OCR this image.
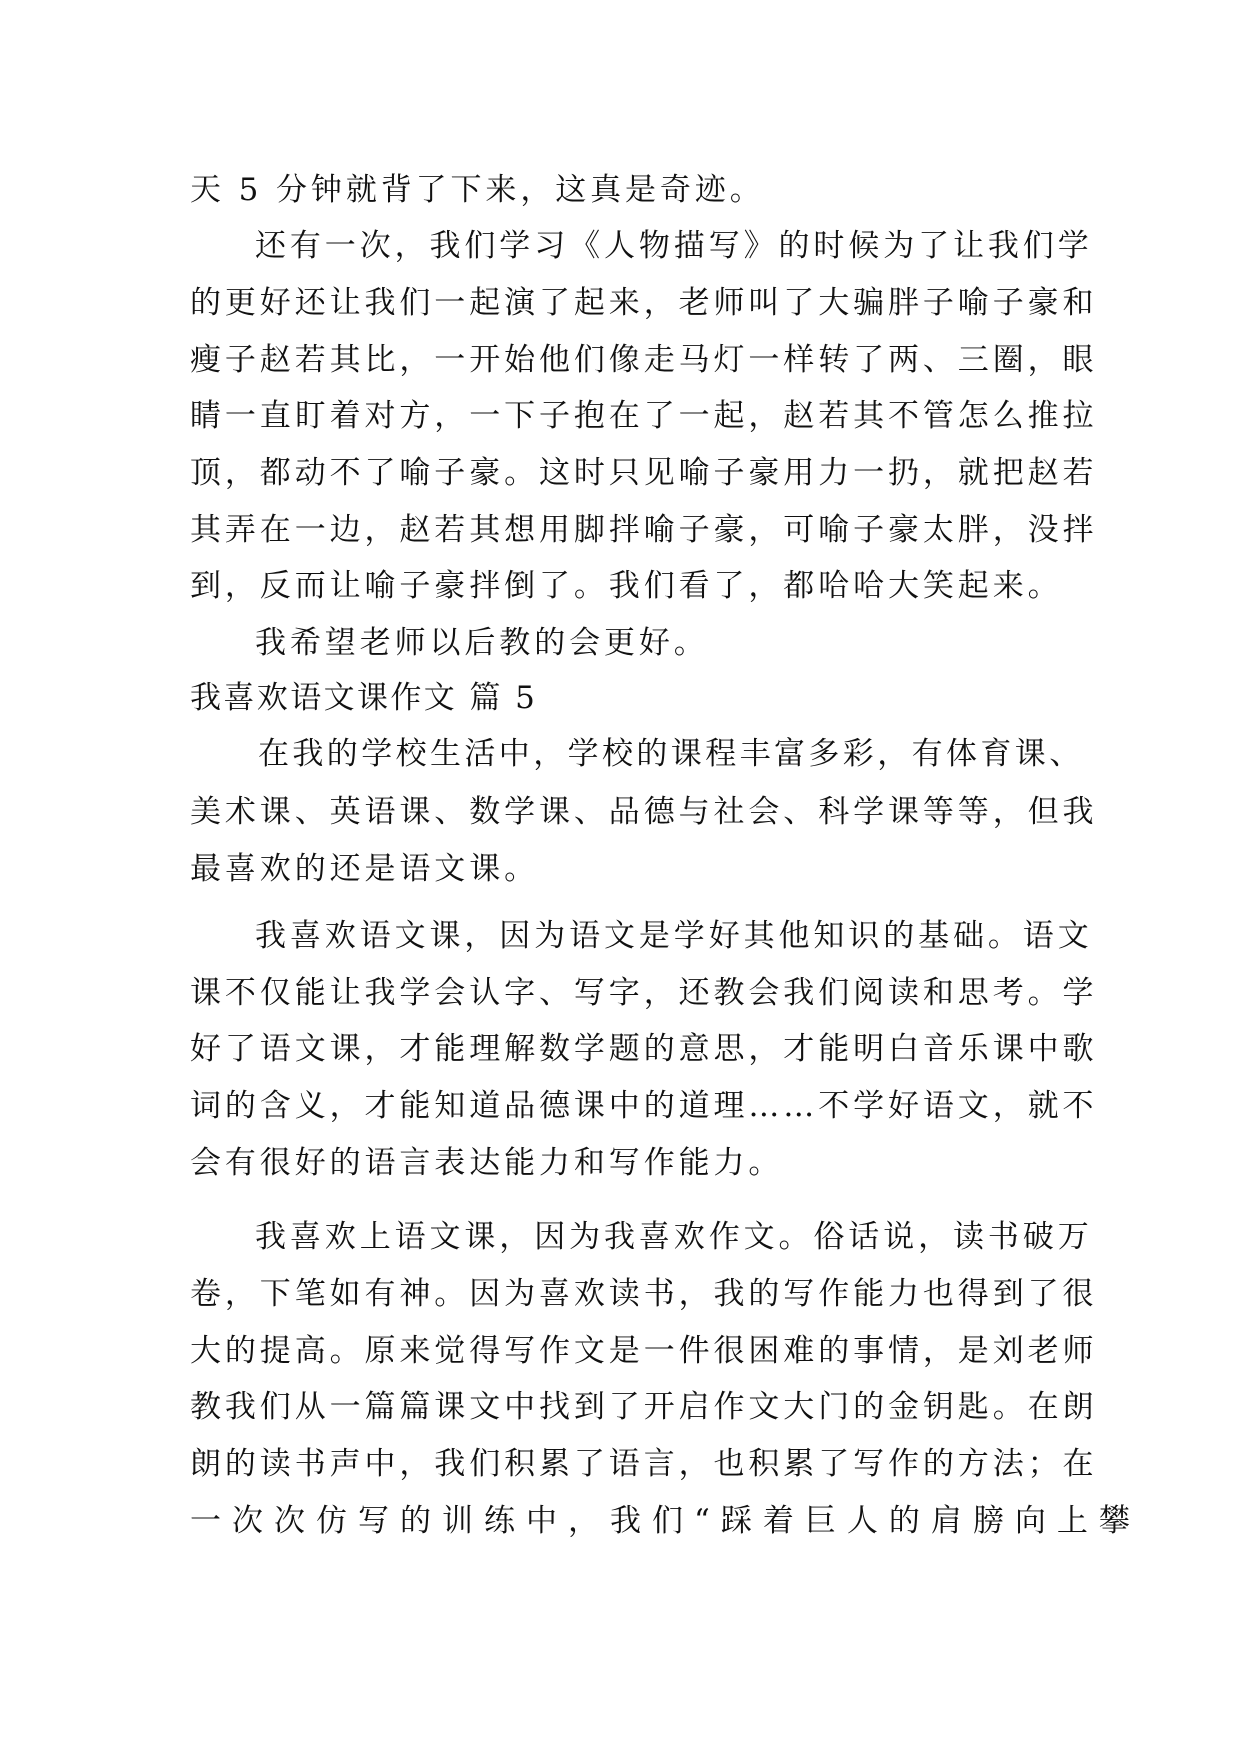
天 5 分钟就背了下来，这真是奇迹。
还有一次，我们学习《人物描写》的时候为了让我们学
的更好还让我们一起演了起来，老师叫了大骗胖子喻子豪和
瘦子赵若其比，一开始他们像走马灯一样转了两、三圈，眼
睛一直盯着对方，一下子抱在了一起，赵若其不管怎么推拉
顶，都动不了喻子豪。这时只见喻子豪用力一扔，就把赵若
其弄在一边，赵若其想用脚拌喻子豪，可喻子豪太胖，没拌
到，反而让喻子豪拌倒了。我们看了，都哈哈大笑起来。
我希望老师以后教的会更好。
我喜欢语文课作文 篇 5
在我的学校生活中，学校的课程丰富多彩，有体育课、
美术课、英语课、数学课、品德与社会、科学课等等，但我
最喜欢的还是语文课。
我喜欢语文课，因为语文是学好其他知识的基础。语文
课不仅能让我学会认字、写字，还教会我们阅读和思考。学
好了语文课，才能理解数学题的意思，才能明白音乐课中歌
词的含义，才能知道品德课中的道理……不学好语文，就不
会有很好的语言表达能力和写作能力。
我喜欢上语文课，因为我喜欢作文。俗话说，读书破万
卷，下笔如有神。因为喜欢读书，我的写作能力也得到了很
大的提高。原来觉得写作文是一件很困难的事情，是刘老师
教我们从一篇篇课文中找到了开启作文大门的金钥匙。在朗
朗的读书声中，我们积累了语言，也积累了写作的方法；在
一次次仿写的训练中，我们“踩着巨人的肩膀向上攀
